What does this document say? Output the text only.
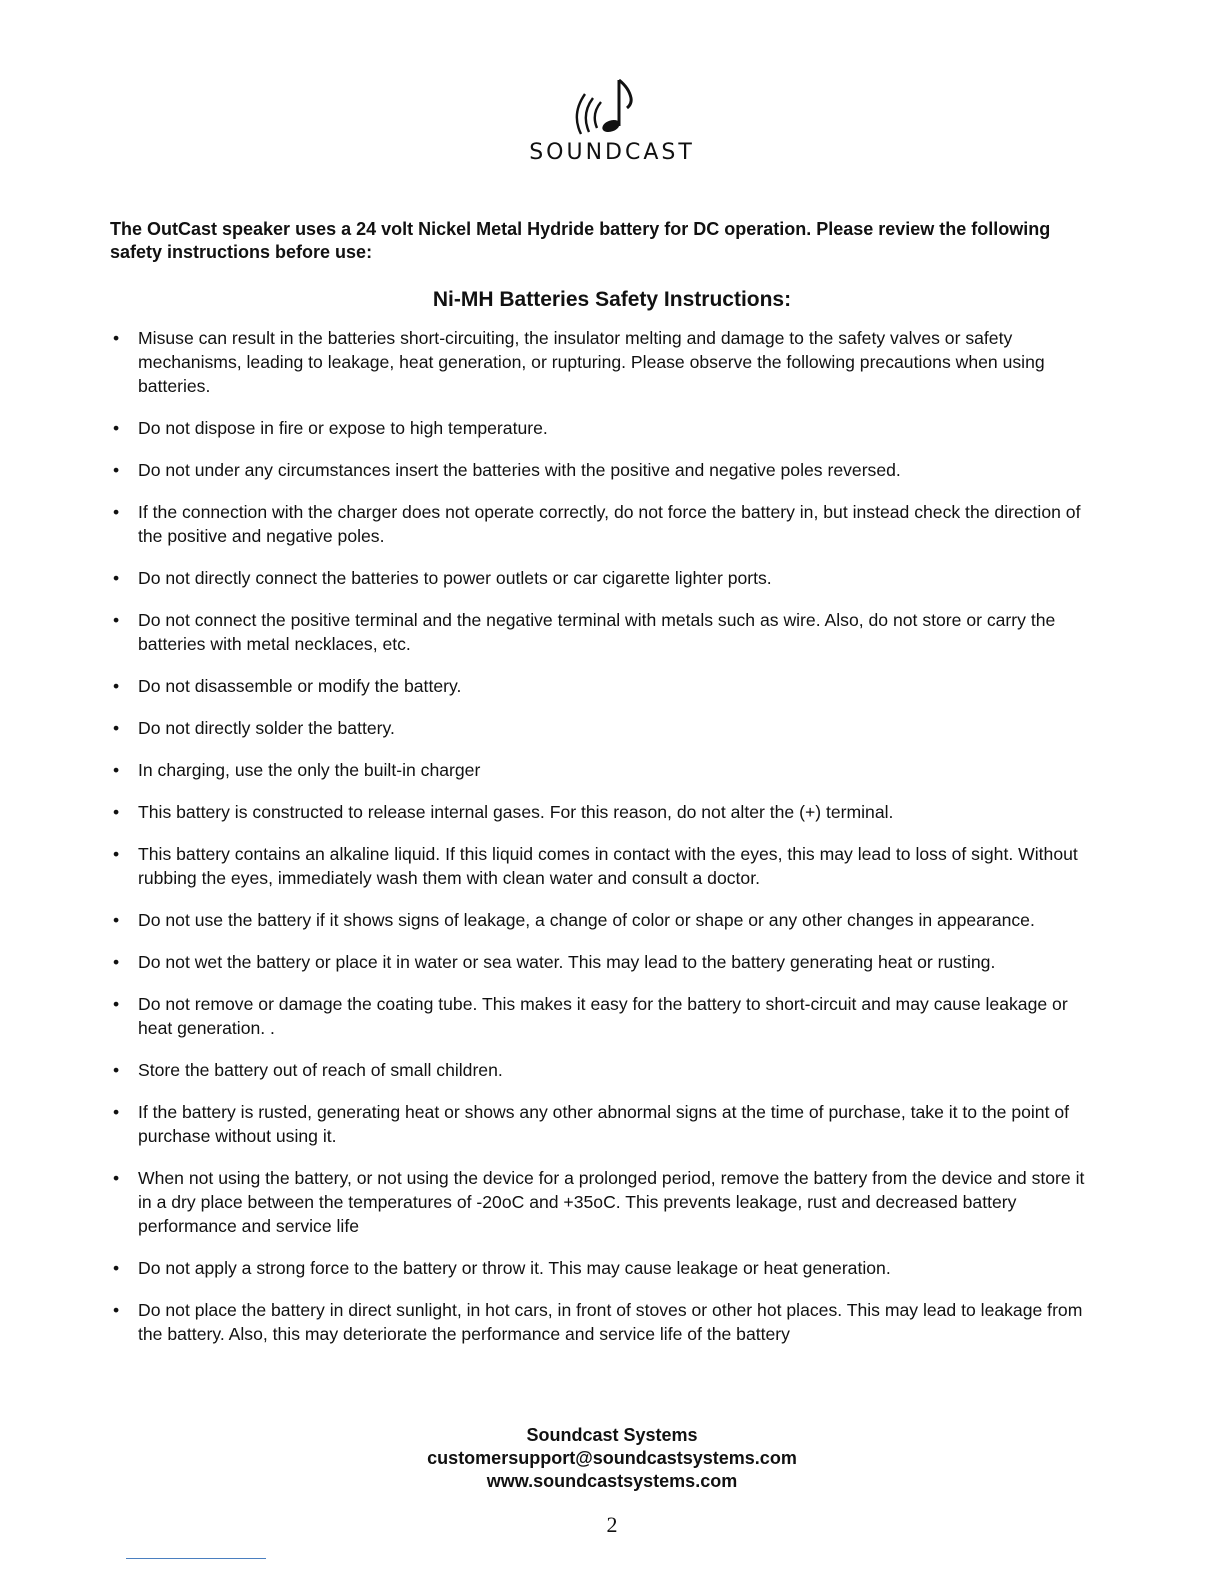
SOUNDCAST

The OutCast speaker uses a 24 volt Nickel Metal Hydride battery for DC operation. Please review the following safety instructions before use:

Ni-MH Batteries Safety Instructions:
• Misuse can result in the batteries short-circuiting, the insulator melting and damage to the safety valves or safety mechanisms, leading to leakage, heat generation, or rupturing. Please observe the following precautions when using batteries.
• Do not dispose in fire or expose to high temperature.
• Do not under any circumstances insert the batteries with the positive and negative poles reversed.
• If the connection with the charger does not operate correctly, do not force the battery in, but instead check the direction of the positive and negative poles.
• Do not directly connect the batteries to power outlets or car cigarette lighter ports.
• Do not connect the positive terminal and the negative terminal with metals such as wire. Also, do not store or carry the batteries with metal necklaces, etc.
• Do not disassemble or modify the battery.
• Do not directly solder the battery.
• In charging, use the only the built-in charger
• This battery is constructed to release internal gases. For this reason, do not alter the (+) terminal.
• This battery contains an alkaline liquid. If this liquid comes in contact with the eyes, this may lead to loss of sight. Without rubbing the eyes, immediately wash them with clean water and consult a doctor.
• Do not use the battery if it shows signs of leakage, a change of color or shape or any other changes in appearance.
• Do not wet the battery or place it in water or sea water. This may lead to the battery generating heat or rusting.
• Do not remove or damage the coating tube. This makes it easy for the battery to short-circuit and may cause leakage or heat generation. .
• Store the battery out of reach of small children.
• If the battery is rusted, generating heat or shows any other abnormal signs at the time of purchase, take it to the point of purchase without using it.
• When not using the battery, or not using the device for a prolonged period, remove the battery from the device and store it in a dry place between the temperatures of -20oC and +35oC. This prevents leakage, rust and decreased battery performance and service life
• Do not apply a strong force to the battery or throw it. This may cause leakage or heat generation.
• Do not place the battery in direct sunlight, in hot cars, in front of stoves or other hot places. This may lead to leakage from the battery. Also, this may deteriorate the performance and service life of the battery
Soundcast Systems
customersupport@soundcastsystems.com
www.soundcastsystems.com
2
